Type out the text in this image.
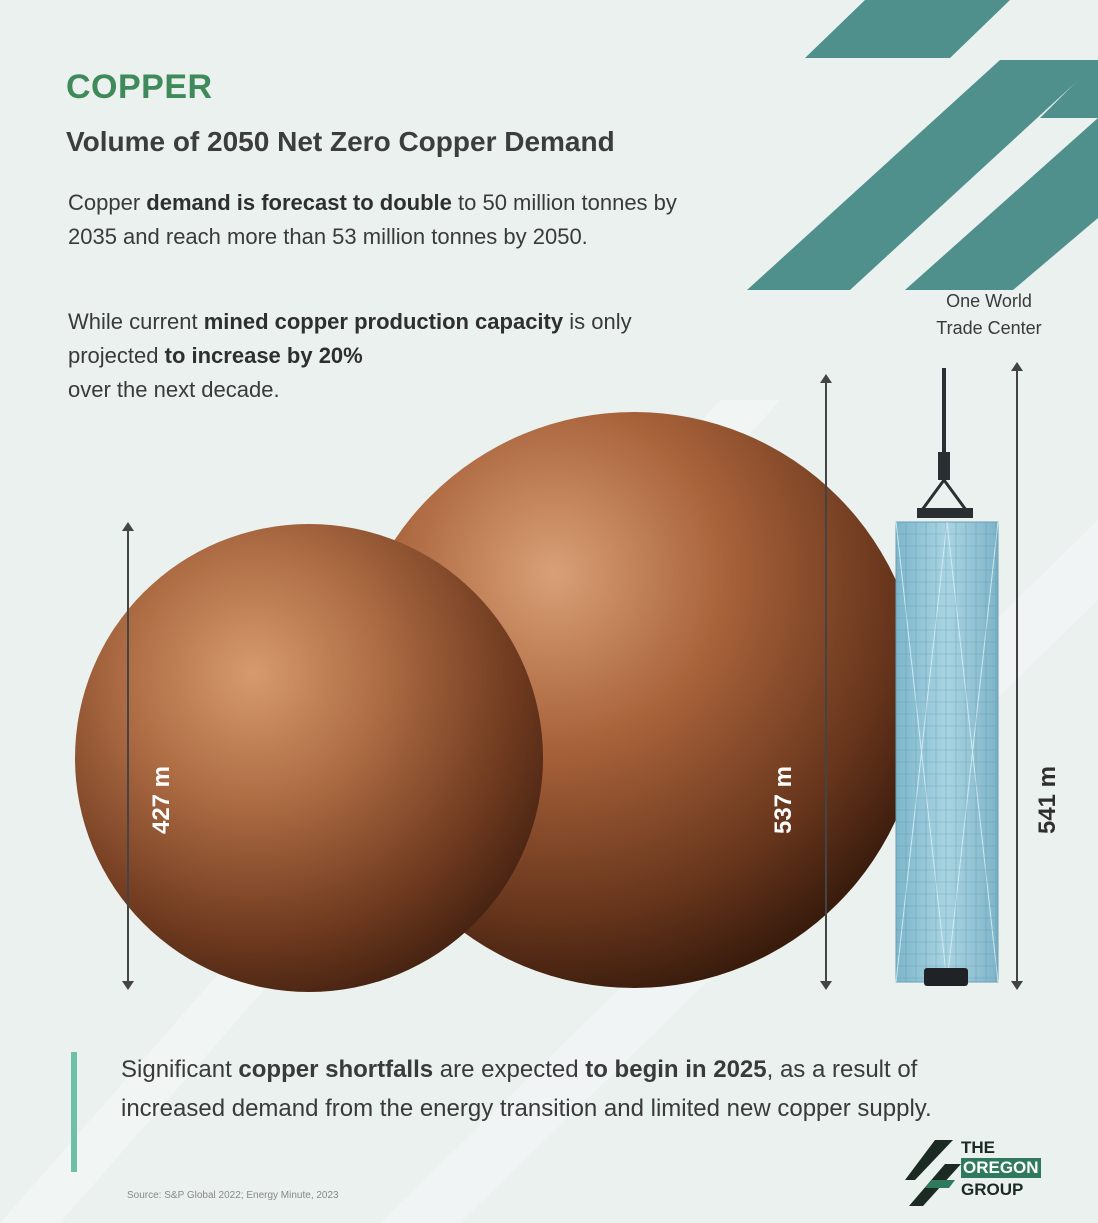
COPPER
Volume of 2050 Net Zero Copper Demand
Copper demand is forecast to double to 50 million tonnes by 2035 and reach more than 53 million tonnes by 2050.
While current mined copper production capacity is only projected to increase by 20%
over the next decade.
One World
Trade Center
427 m	537 m	541 m
Significant copper shortfalls are expected to begin in 2025, as a result of increased demand from the energy transition and limited new copper supply.
Source: S&P Global 2022; Energy Minute, 2023
THE
OREGON
GROUP
